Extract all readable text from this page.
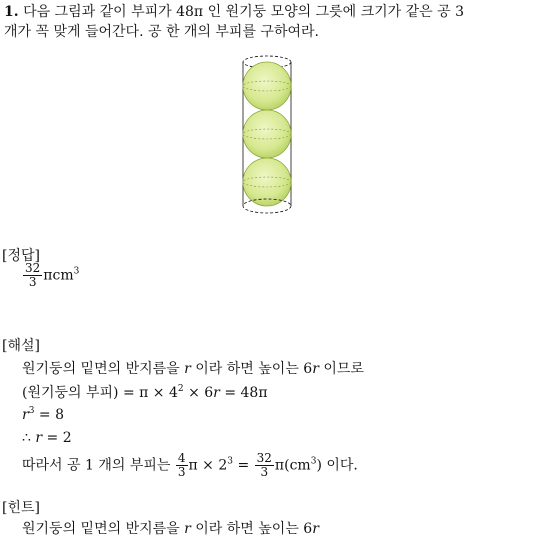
1. 다음 그림과 같이 부피가 48π 인 원기둥 모양의 그릇에 크기가 같은 공 3
개가 꼭 맞게 들어간다. 공 한 개의 부피를 구하여라.
[정답]
$\frac{32}{3} \pi cm^3$
[해설]
원기둥의 밑면의 반지름을 r 이라 하면 높이는 6r 이므로
(원기둥의 부피) = $\pi \times 4^2 \times 6r = 48\pi$
$r^3 = 8$
∴ r = 2
따라서 공 1 개의 부피는 $\frac{4}{3}$ $\pi \times 2^3 = \frac{32}{3} \pi(cm^3)$ 이다.
[힌트]
원기둥의 밑면의 반지름을 r 이라 하면 높이는 6r
